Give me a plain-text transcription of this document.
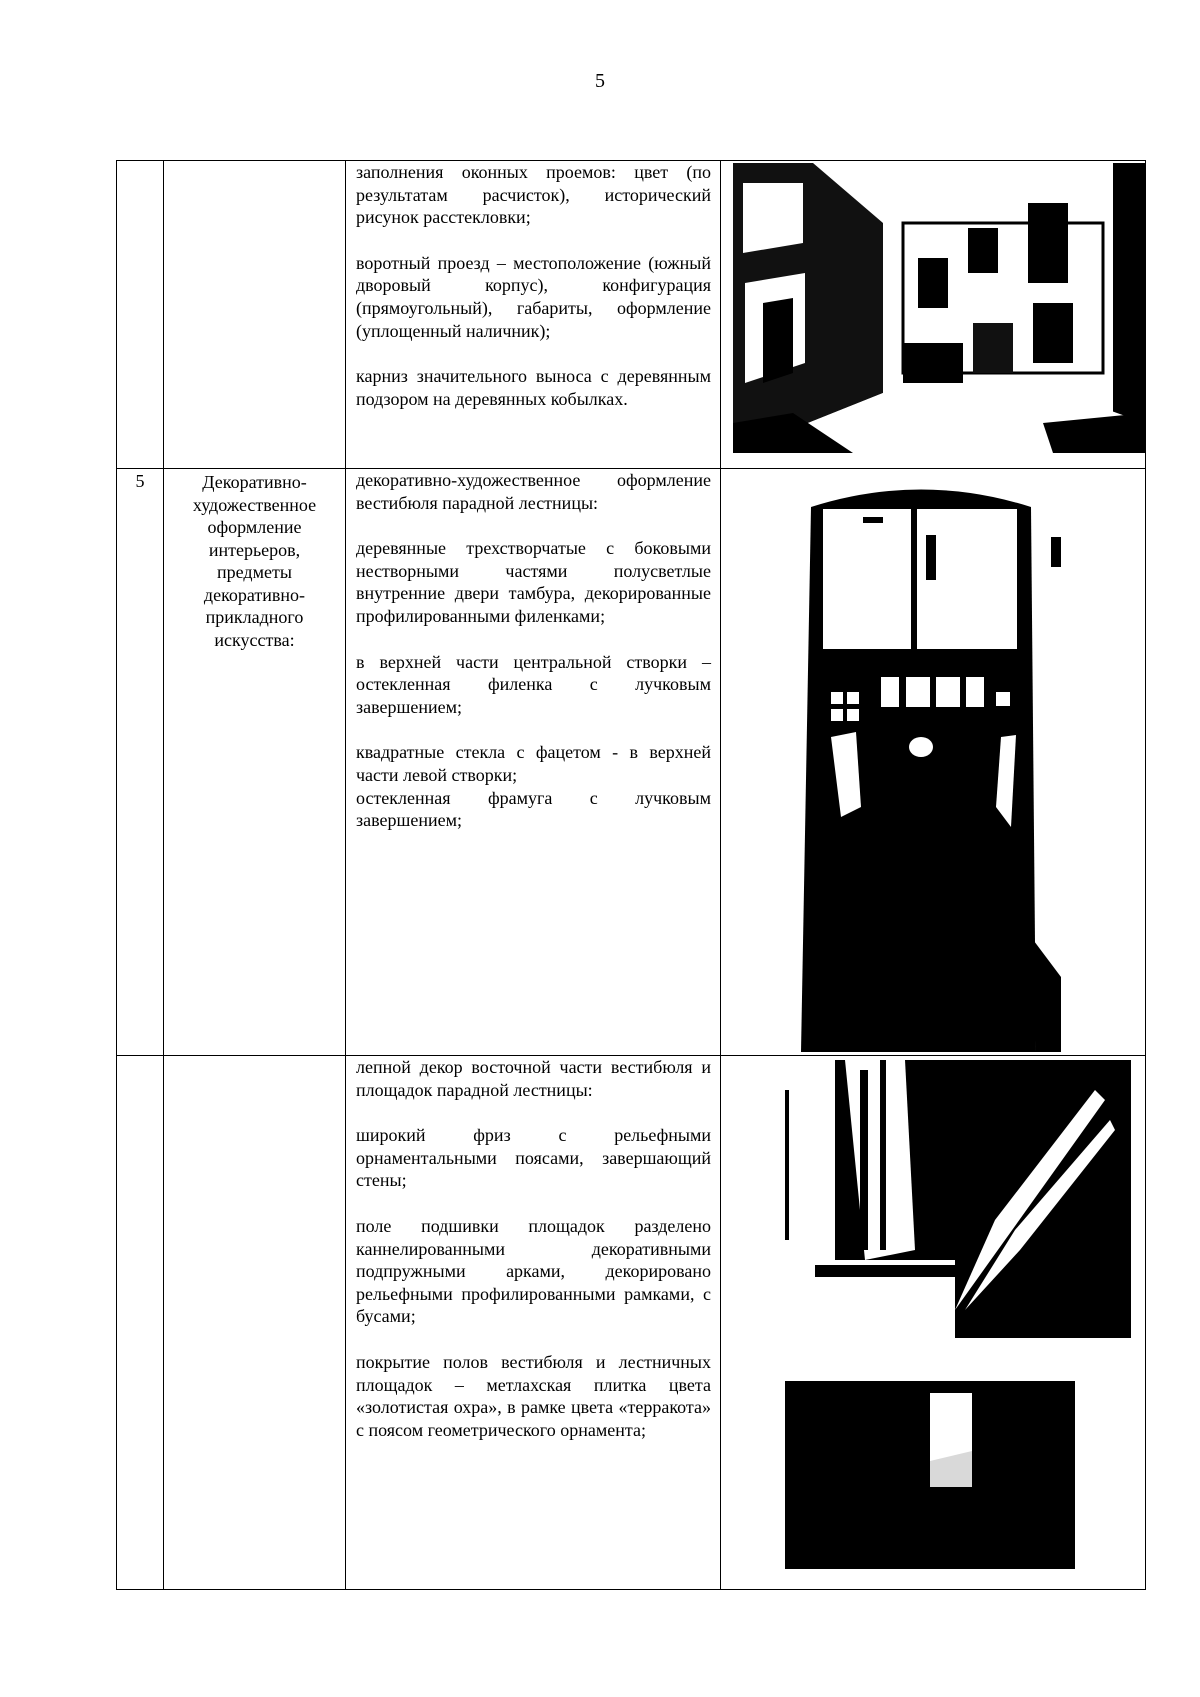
5

		заполнения оконных проемов: цвет (по результатам расчисток), исторический рисунок расстекловки;

воротный проезд – местоположение (южный дворовый корпус), конфигурация (прямоугольный), габариты, оформление (уплощенный наличник);

карниз значительного выноса с деревянным подзором на деревянных кобылках.

5	Декоративно-художественное оформление интерьеров, предметы декоративно-прикладного искусства:	декоративно-художественное оформление вестибюля парадной лестницы:

деревянные трехстворчатые с боковыми нестворными частями полусветлые внутренние двери тамбура, декорированные профилированными филенками;

в верхней части центральной створки – остекленная филенка с лучковым завершением;

квадратные стекла с фацетом - в верхней части левой створки;

остекленная фрамуга с лучковым завершением;

		лепной декор восточной части вестибюля и площадок парадной лестницы:

широкий фриз с рельефными орнаментальными поясами, завершающий стены;

поле подшивки площадок разделено каннелированными декоративными подпружными арками, декорировано рельефными профилированными рамками, с бусами;

покрытие полов вестибюля и лестничных площадок – метлахская плитка цвета «золотистая охра», в рамке цвета «терракота» с поясом геометрического орнамента;
